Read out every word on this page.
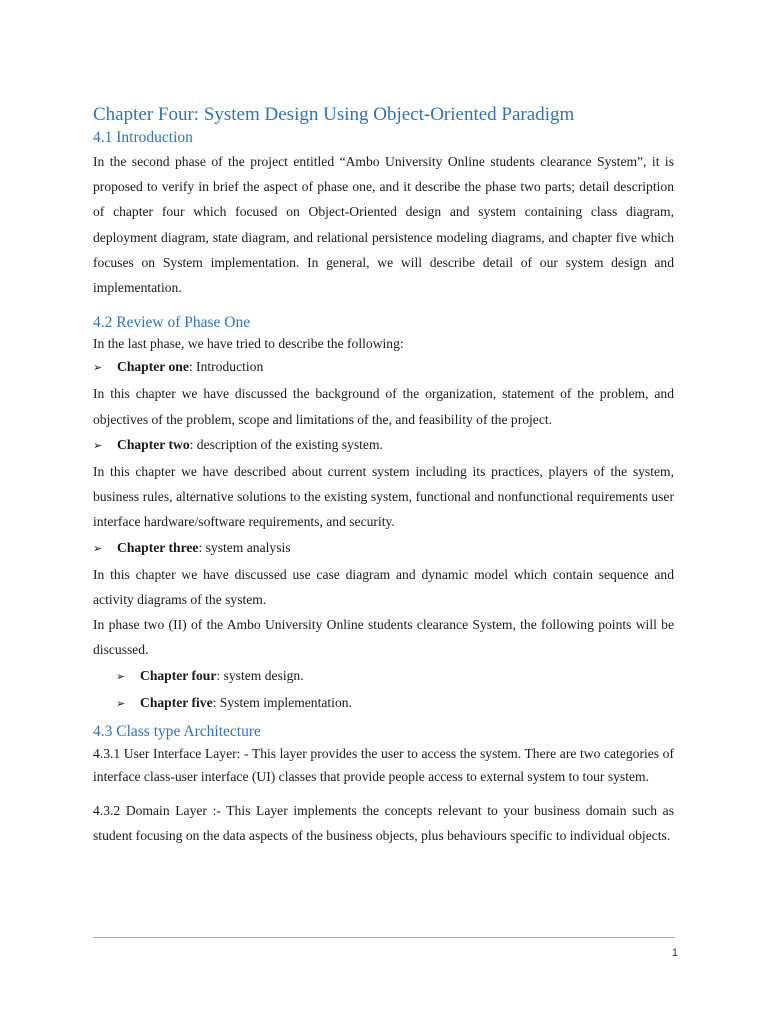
Chapter Four: System Design Using Object-Oriented Paradigm
4.1 Introduction

In the second phase of the project entitled “Ambo University Online students clearance System”, it is proposed to verify in brief the aspect of phase one, and it describe the phase two parts; detail description of chapter four which focused on Object-Oriented design and system containing class diagram, deployment diagram, state diagram, and relational persistence modeling diagrams, and chapter five which focuses on System implementation. In general, we will describe detail of our system design and implementation.

4.2 Review of Phase One

In the last phase, we have tried to describe the following:

➢	Chapter one: Introduction

In this chapter we have discussed the background of the organization, statement of the problem, and objectives of the problem, scope and limitations of the, and feasibility of the project.

➢	Chapter two: description of the existing system.

In this chapter we have described about current system including its practices, players of the system, business rules, alternative solutions to the existing system, functional and nonfunctional requirements user interface hardware/software requirements, and security.

➢	Chapter three: system analysis

In this chapter we have discussed use case diagram and dynamic model which contain sequence and activity diagrams of the system.

In phase two (II) of the Ambo University Online students clearance System, the following points will be discussed.

➢	Chapter four: system design.
➢	Chapter five: System implementation.
4.3 Class type Architecture

4.3.1 User Interface Layer: - This layer provides the user to access the system. There are two categories of interface class-user interface (UI) classes that provide people access to external system to tour system.

4.3.2 Domain Layer :- This Layer implements the concepts relevant to your business domain such as student focusing on the data aspects of the business objects, plus behaviours specific to individual objects.

1
